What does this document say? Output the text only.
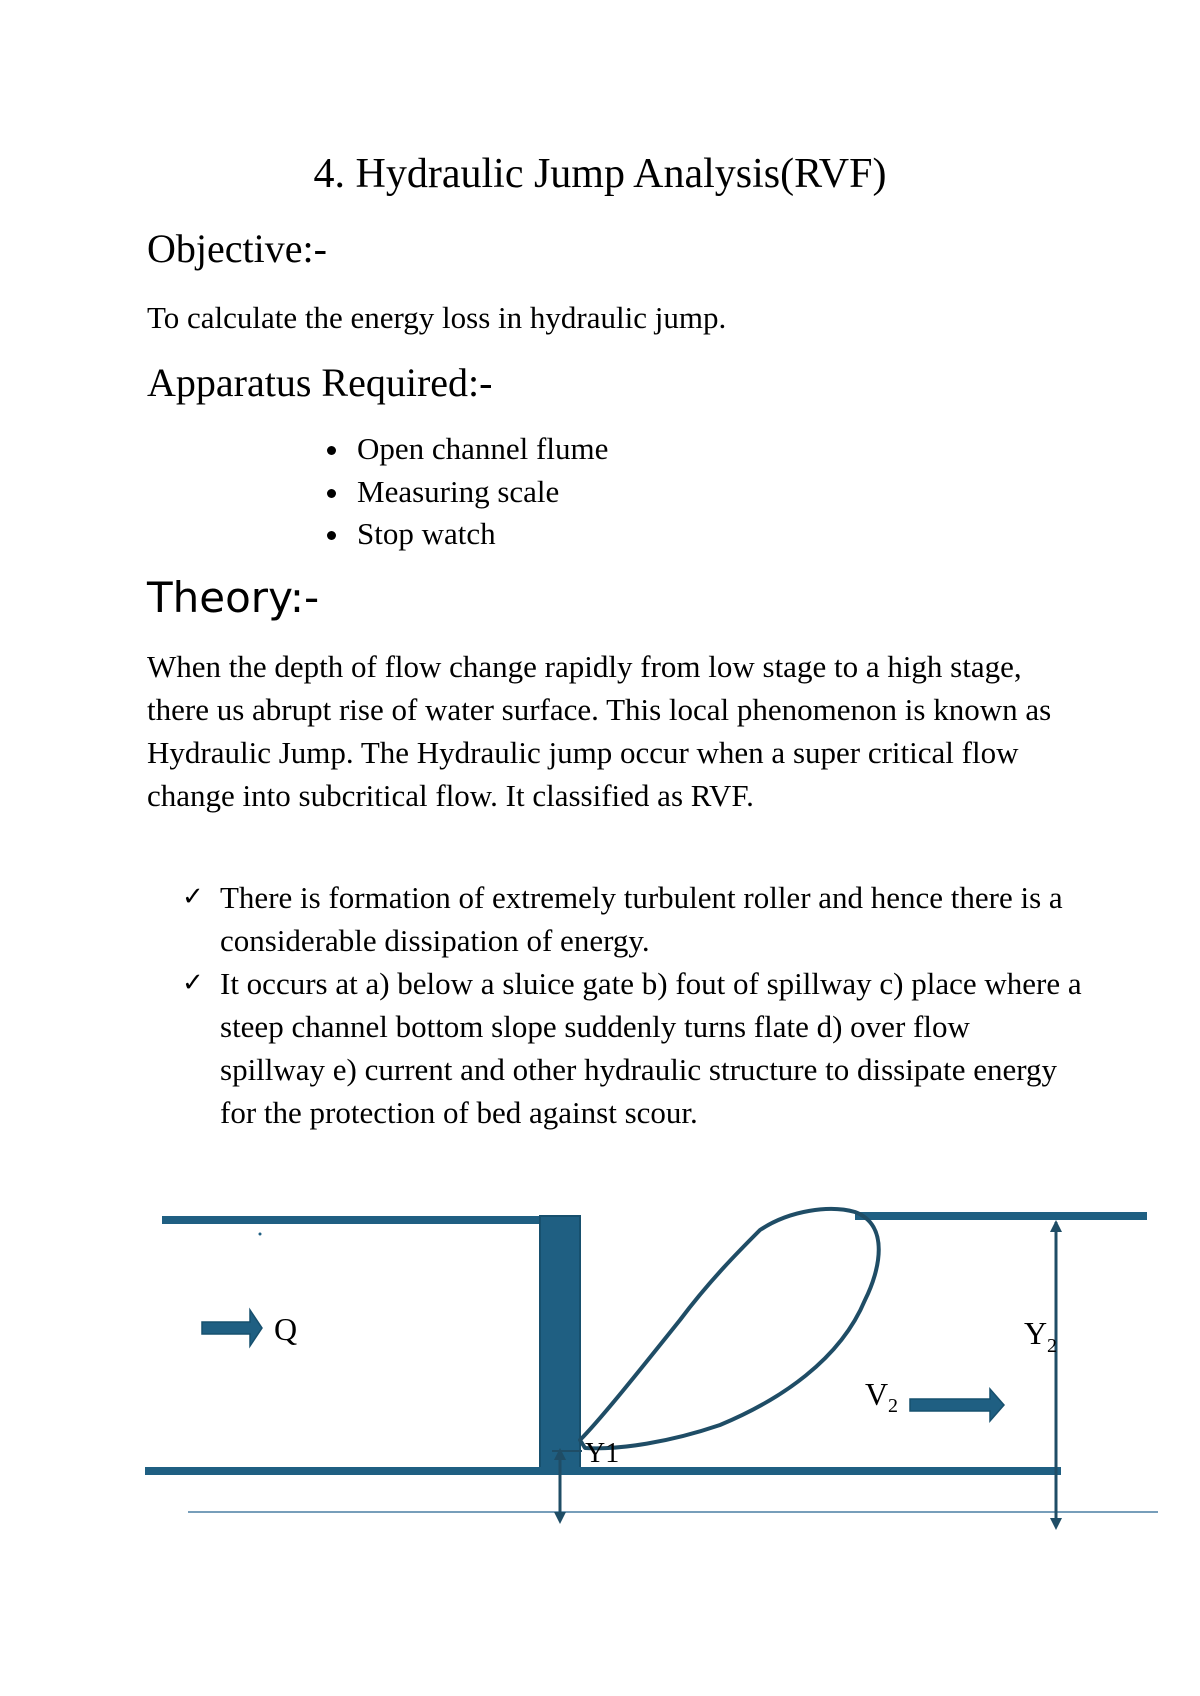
4. Hydraulic Jump Analysis(RVF)
Objective:-
To calculate the energy loss in hydraulic jump.
Apparatus Required:-
Open channel flume
Measuring scale
Stop watch
Theory:-
When the depth of flow change rapidly from low stage to a high stage, there us abrupt rise of water surface. This local phenomenon is known as Hydraulic Jump. The Hydraulic jump occur when a super critical flow change into subcritical flow. It classified as RVF.
✓ There is formation of extremely turbulent roller and hence there is a considerable dissipation of energy.
✓ It occurs at a) below a sluice gate b) fout of spillway c) place where a steep channel bottom slope suddenly turns flate d) over flow spillway e) current and other hydraulic structure to dissipate energy for the protection of bed against scour.
Q
V 2
Y1
Y 2
